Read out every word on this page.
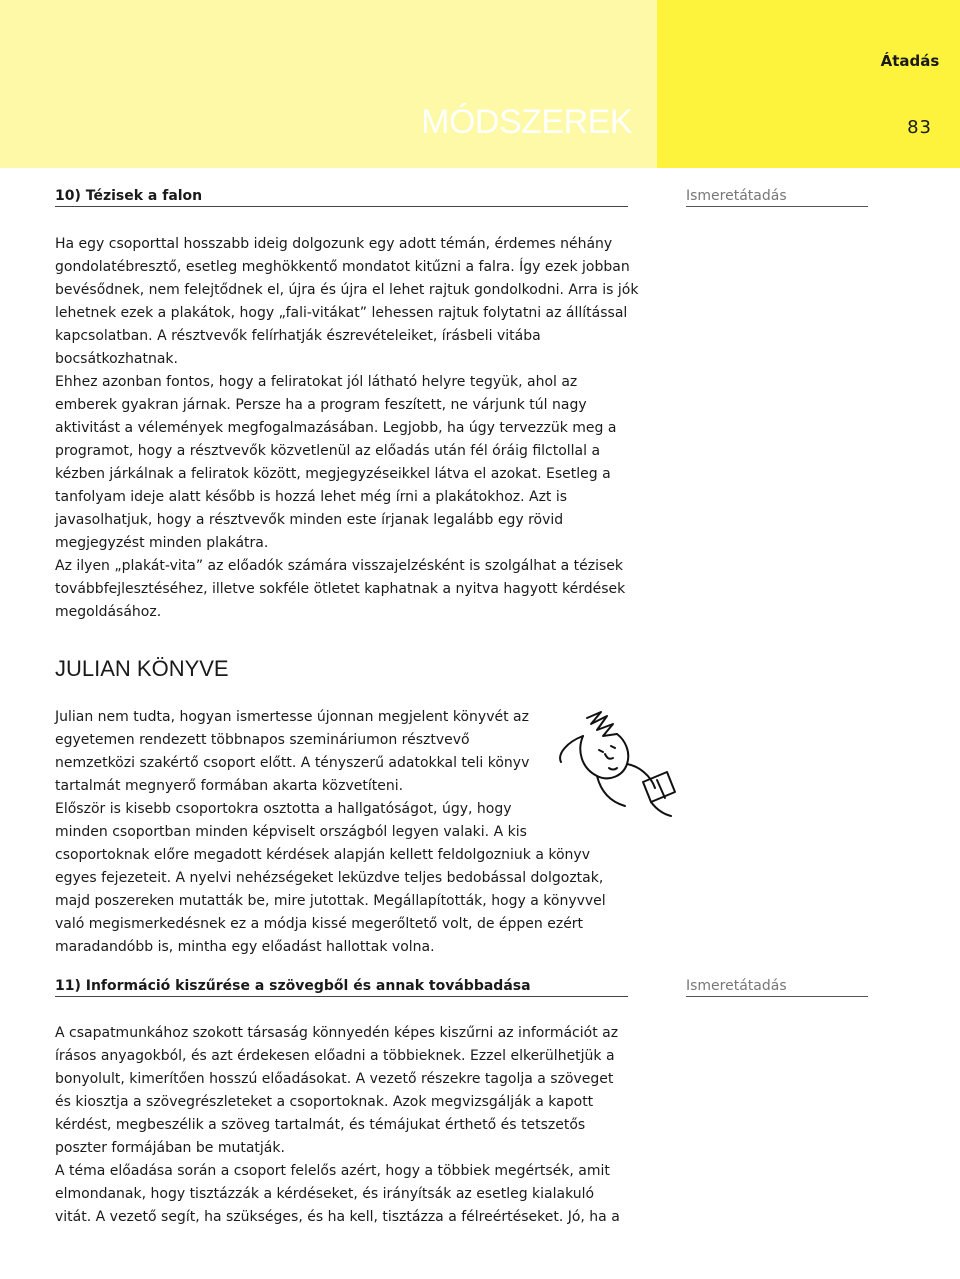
Átadás
83
MÓDSZEREK
10) Tézisek a falon	Ismeretátadás

Ha egy csoporttal hosszabb ideig dolgozunk egy adott témán, érdemes néhány gondolatébresztő, esetleg meghökkentő mondatot kitűzni a falra. Így ezek jobban bevésődnek, nem felejtődnek el, újra és újra el lehet rajtuk gondolkodni. Arra is jók lehetnek ezek a plakátok, hogy „fali-vitákat” lehessen rajtuk folytatni az állítással kapcsolatban. A résztvevők felírhatják észrevételeiket, írásbeli vitába bocsátkozhatnak.

Ehhez azonban fontos, hogy a feliratokat jól látható helyre tegyük, ahol az emberek gyakran járnak. Persze ha a program feszített, ne várjunk túl nagy aktivitást a vélemények megfogalmazásában. Legjobb, ha úgy tervezzük meg a programot, hogy a résztvevők közvetlenül az előadás után fél óráig filctollal a kézben járkálnak a feliratok között, megjegyzéseikkel látva el azokat. Esetleg a tanfolyam ideje alatt később is hozzá lehet még írni a plakátokhoz. Azt is javasolhatjuk, hogy a résztvevők minden este írjanak legalább egy rövid megjegyzést minden plakátra.

Az ilyen „plakát-vita” az előadók számára visszajelzésként is szolgálhat a tézisek továbbfejlesztéséhez, illetve sokféle ötletet kaphatnak a nyitva hagyott kérdések megoldásához.

JULIAN KÖNYVE

Julian nem tudta, hogyan ismertesse újonnan megjelent könyvét az egyetemen rendezett többnapos szemináriumon résztvevő nemzetközi szakértő csoport előtt. A tényszerű adatokkal teli könyv tartalmát megnyerő formában akarta közvetíteni.

Először is kisebb csoportokra osztotta a hallgatóságot, úgy, hogy minden csoportban minden képviselt országból legyen valaki. A kis csoportoknak előre megadott kérdések alapján kellett feldolgozniuk a könyv egyes fejezeteit. A nyelvi nehézségeket leküzdve teljes bedobással dolgoztak, majd poszereken mutatták be, mire jutottak. Megállapították, hogy a könyvvel való megismerkedésnek ez a módja kissé megerőltető volt, de éppen ezért maradandóbb is, mintha egy előadást hallottak volna.

11) Információ kiszűrése a szövegből és annak továbbadása	Ismeretátadás

A csapatmunkához szokott társaság könnyedén képes kiszűrni az információt az írásos anyagokból, és azt érdekesen előadni a többieknek. Ezzel elkerülhetjük a bonyolult, kimerítően hosszú előadásokat. A vezető részekre tagolja a szöveget és kiosztja a szövegrészleteket a csoportoknak. Azok megvizsgálják a kapott kérdést, megbeszélik a szöveg tartalmát, és témájukat érthető és tetszetős poszter formájában be mutatják.

A téma előadása során a csoport felelős azért, hogy a többiek megértsék, amit elmondanak, hogy tisztázzák a kérdéseket, és irányítsák az esetleg kialakuló vitát. A vezető segít, ha szükséges, és ha kell, tisztázza a félreértéseket. Jó, ha a
